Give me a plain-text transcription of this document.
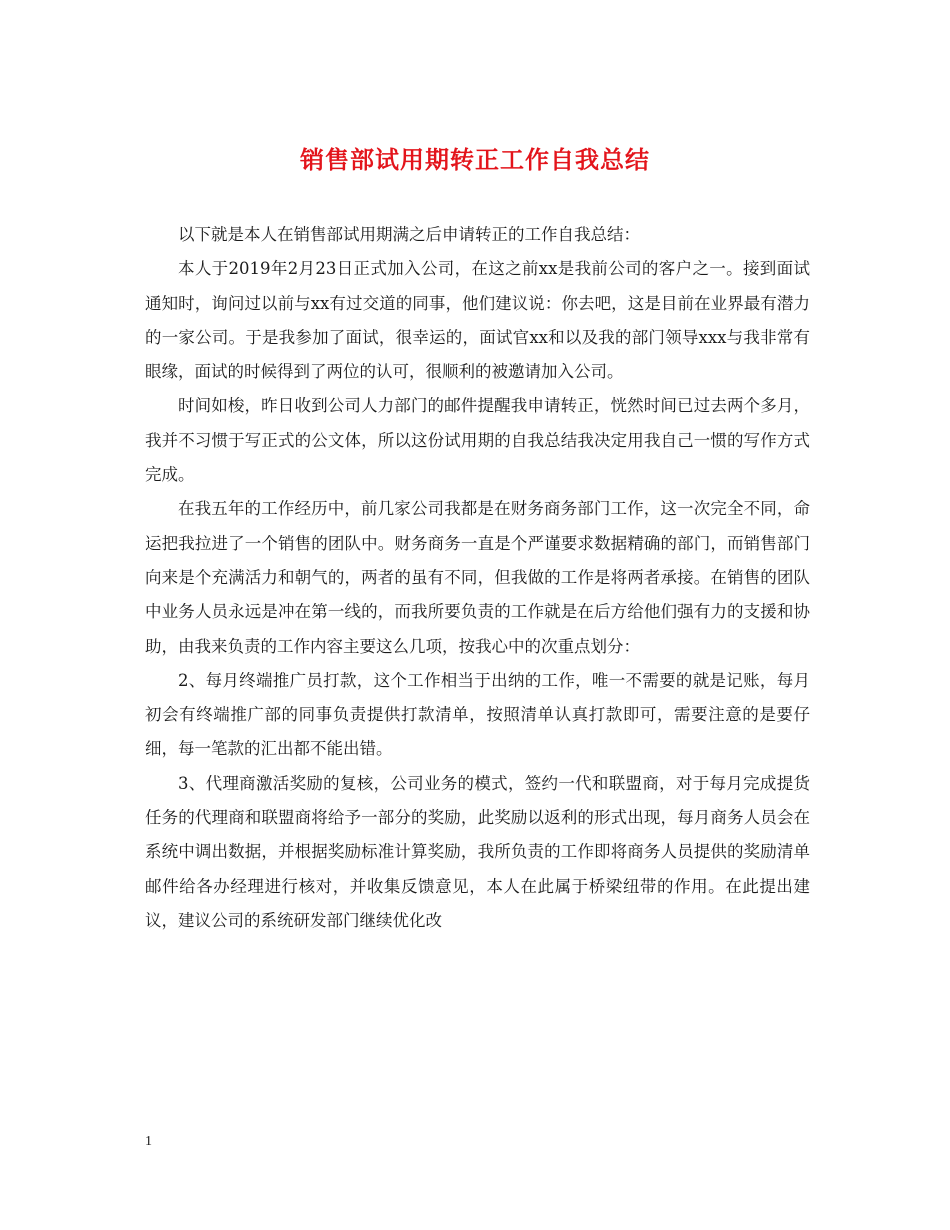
销售部试用期转正工作自我总结

以下就是本人在销售部试用期满之后申请转正的工作自我总结：

本人于2019年2月23日正式加入公司，在这之前xx是我前公司的客户之一。接到面试通知时，询问过以前与xx有过交道的同事，他们建议说：你去吧，这是目前在业界最有潜力的一家公司。于是我参加了面试，很幸运的，面试官xx和以及我的部门领导xxx与我非常有眼缘，面试的时候得到了两位的认可，很顺利的被邀请加入公司。

时间如梭，昨日收到公司人力部门的邮件提醒我申请转正，恍然时间已过去两个多月，我并不习惯于写正式的公文体，所以这份试用期的自我总结我决定用我自己一惯的写作方式完成。

在我五年的工作经历中，前几家公司我都是在财务商务部门工作，这一次完全不同，命运把我拉进了一个销售的团队中。财务商务一直是个严谨要求数据精确的部门，而销售部门向来是个充满活力和朝气的，两者的虽有不同，但我做的工作是将两者承接。在销售的团队中业务人员永远是冲在第一线的，而我所要负责的工作就是在后方给他们强有力的支援和协助，由我来负责的工作内容主要这么几项，按我心中的次重点划分：

2、每月终端推广员打款，这个工作相当于出纳的工作，唯一不需要的就是记账，每月初会有终端推广部的同事负责提供打款清单，按照清单认真打款即可，需要注意的是要仔细，每一笔款的汇出都不能出错。

3、代理商激活奖励的复核，公司业务的模式，签约一代和联盟商，对于每月完成提货任务的代理商和联盟商将给予一部分的奖励，此奖励以返利的形式出现，每月商务人员会在系统中调出数据，并根据奖励标准计算奖励，我所负责的工作即将商务人员提供的奖励清单邮件给各办经理进行核对，并收集反馈意见，本人在此属于桥梁纽带的作用。在此提出建议，建议公司的系统研发部门继续优化改

1
